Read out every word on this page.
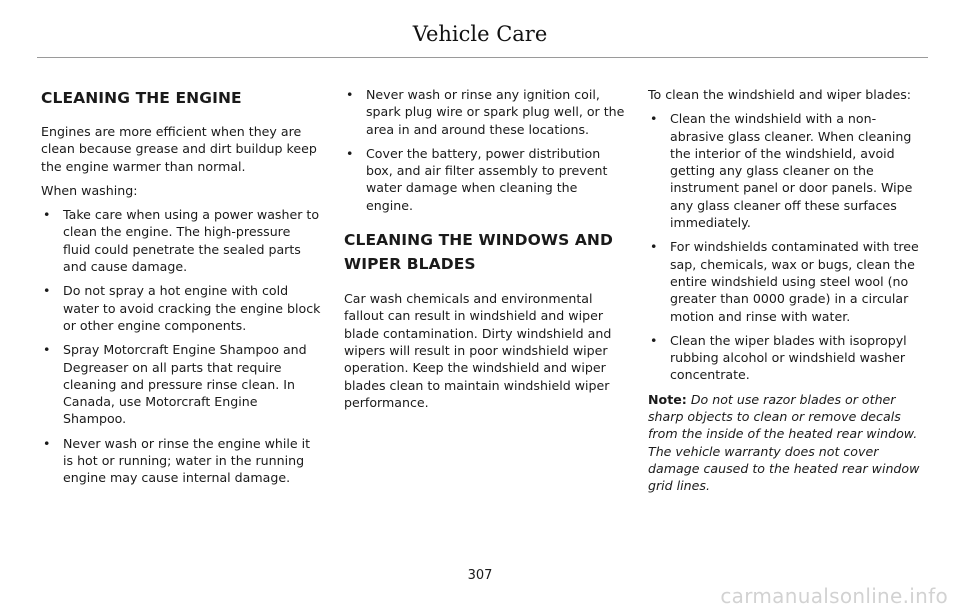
Vehicle Care
CLEANING THE ENGINE

Engines are more efficient when they are clean because grease and dirt buildup keep the engine warmer than normal.

When washing:

• Take care when using a power washer to clean the engine. The high-pressure fluid could penetrate the sealed parts and cause damage.
• Do not spray a hot engine with cold water to avoid cracking the engine block or other engine components.
• Spray Motorcraft Engine Shampoo and Degreaser on all parts that require cleaning and pressure rinse clean. In Canada, use Motorcraft Engine Shampoo.
• Never wash or rinse the engine while it is hot or running; water in the running engine may cause internal damage.
• Never wash or rinse any ignition coil, spark plug wire or spark plug well, or the area in and around these locations.
• Cover the battery, power distribution box, and air filter assembly to prevent water damage when cleaning the engine.
CLEANING THE WINDOWS AND
WIPER BLADES

Car wash chemicals and environmental fallout can result in windshield and wiper blade contamination. Dirty windshield and wipers will result in poor windshield wiper operation. Keep the windshield and wiper blades clean to maintain windshield wiper performance.

To clean the windshield and wiper blades:

• Clean the windshield with a non-abrasive glass cleaner. When cleaning the interior of the windshield, avoid getting any glass cleaner on the instrument panel or door panels. Wipe any glass cleaner off these surfaces immediately.
• For windshields contaminated with tree sap, chemicals, wax or bugs, clean the entire windshield using steel wool (no greater than 0000 grade) in a circular motion and rinse with water.
• Clean the wiper blades with isopropyl rubbing alcohol or windshield washer concentrate.

Note: Do not use razor blades or other sharp objects to clean or remove decals from the inside of the heated rear window. The vehicle warranty does not cover damage caused to the heated rear window grid lines.

307
carmanualsonline.info
